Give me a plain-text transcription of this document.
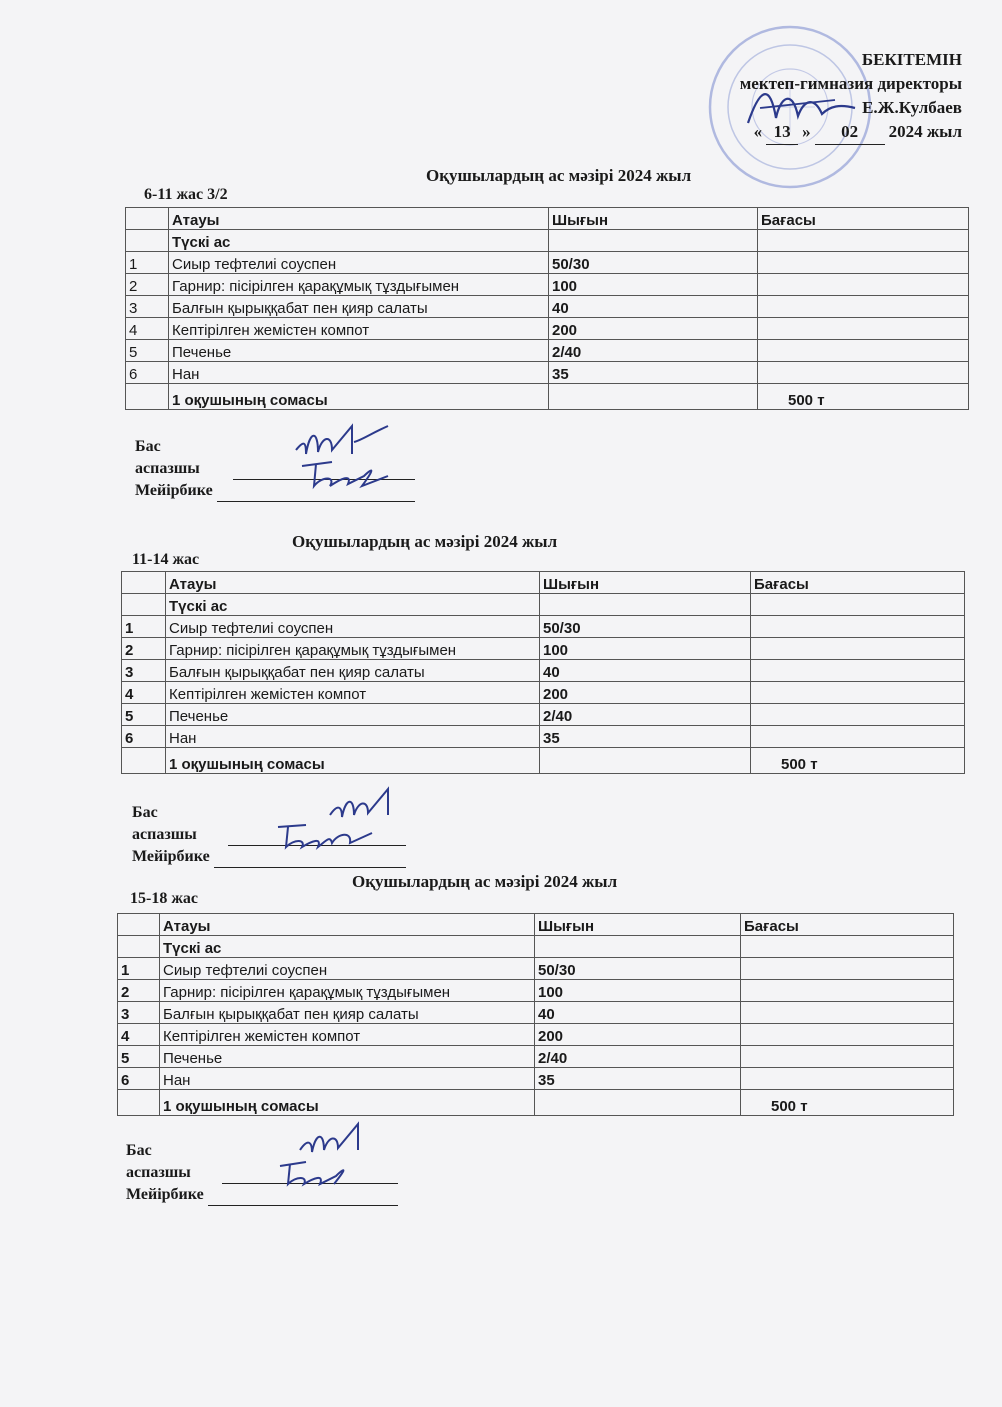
БЕКІТЕМІН
мектеп-гимназия директоры
Е.Ж.Кулбаев
« 13 »	02	2024 жыл
Оқушылардың ас мәзірі 2024 жыл
6-11 жас 3/2
	Атауы	Шығын	Бағасы
	Түскі ас		
1	Сиыр тефтелиі соуспен	50/30	
2	Гарнир: пісірілген қарақұмық тұздығымен	100	
3	Балғын қырыққабат пен қияр салаты	40	
4	Кептірілген жемістен компот	200	
5	Печенье	2/40	
6	Нан	35	
	1 оқушының сомасы		500 т
Бас аспазшы
Мейірбике
Оқушылардың ас мәзірі 2024 жыл
11-14 жас
	Атауы	Шығын	Бағасы
	Түскі ас		
1	Сиыр тефтелиі соуспен	50/30	
2	Гарнир: пісірілген қарақұмық тұздығымен	100	
3	Балғын қырыққабат пен қияр салаты	40	
4	Кептірілген жемістен компот	200	
5	Печенье	2/40	
6	Нан	35	
	1 оқушының сомасы		500 т
Бас аспазшы
Мейірбике
Оқушылардың ас мәзірі 2024 жыл
15-18 жас
	Атауы	Шығын	Бағасы
	Түскі ас		
1	Сиыр тефтелиі соуспен	50/30	
2	Гарнир: пісірілген қарақұмық тұздығымен	100	
3	Балғын қырыққабат пен қияр салаты	40	
4	Кептірілген жемістен компот	200	
5	Печенье	2/40	
6	Нан	35	
	1 оқушының сомасы		500 т
Бас аспазшы
Мейірбике
